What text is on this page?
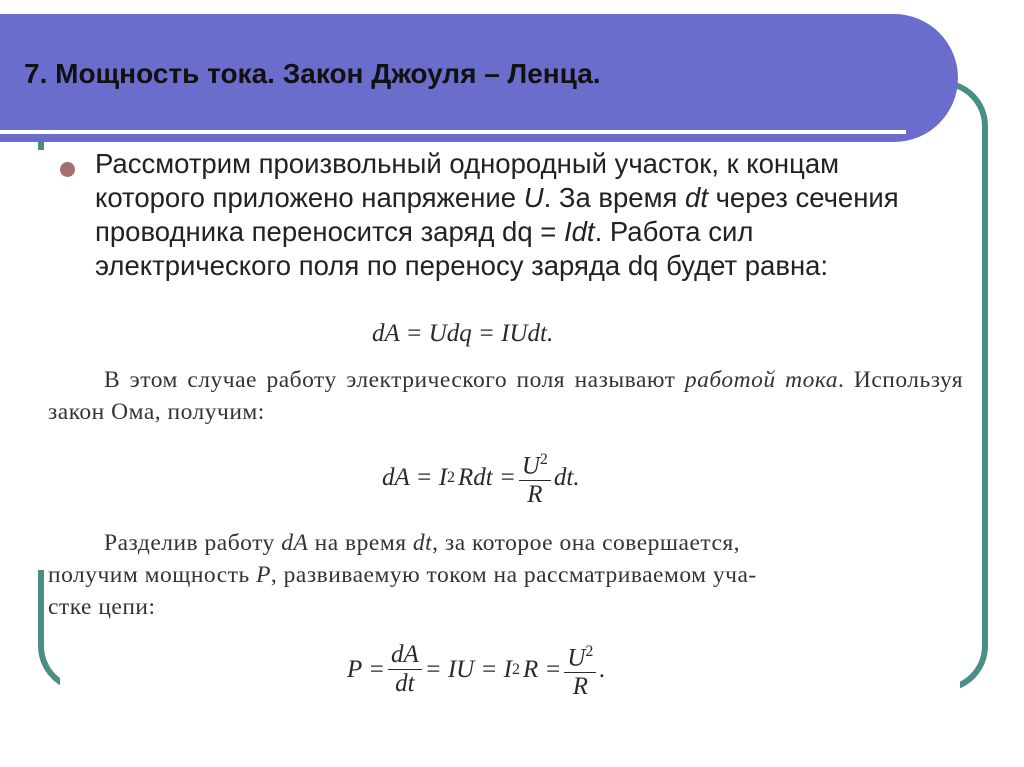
7. Мощность тока. Закон Джоуля – Ленца.

Рассмотрим произвольный однородный участок, к концам которого приложено напряжение U. За время dt через сечения проводника переносится заряд dq = Idt. Работа сил электрического поля по переносу заряда dq будет равна:

dA = Udq = IUdt.

В этом случае работу электрического поля называют работой тока. Используя закон Ома, получим:

dA = I 2 Rdt = $\frac{U^2}{R}$ dt.

Разделив работу dA на время dt, за которое она совершается,
получим мощность P, развиваемую током на рассматриваемом уча-
стке цепи:

$P = \frac{dA}{dt}$ = IU = I 2 $R = \frac{U^2}{R}$ .
